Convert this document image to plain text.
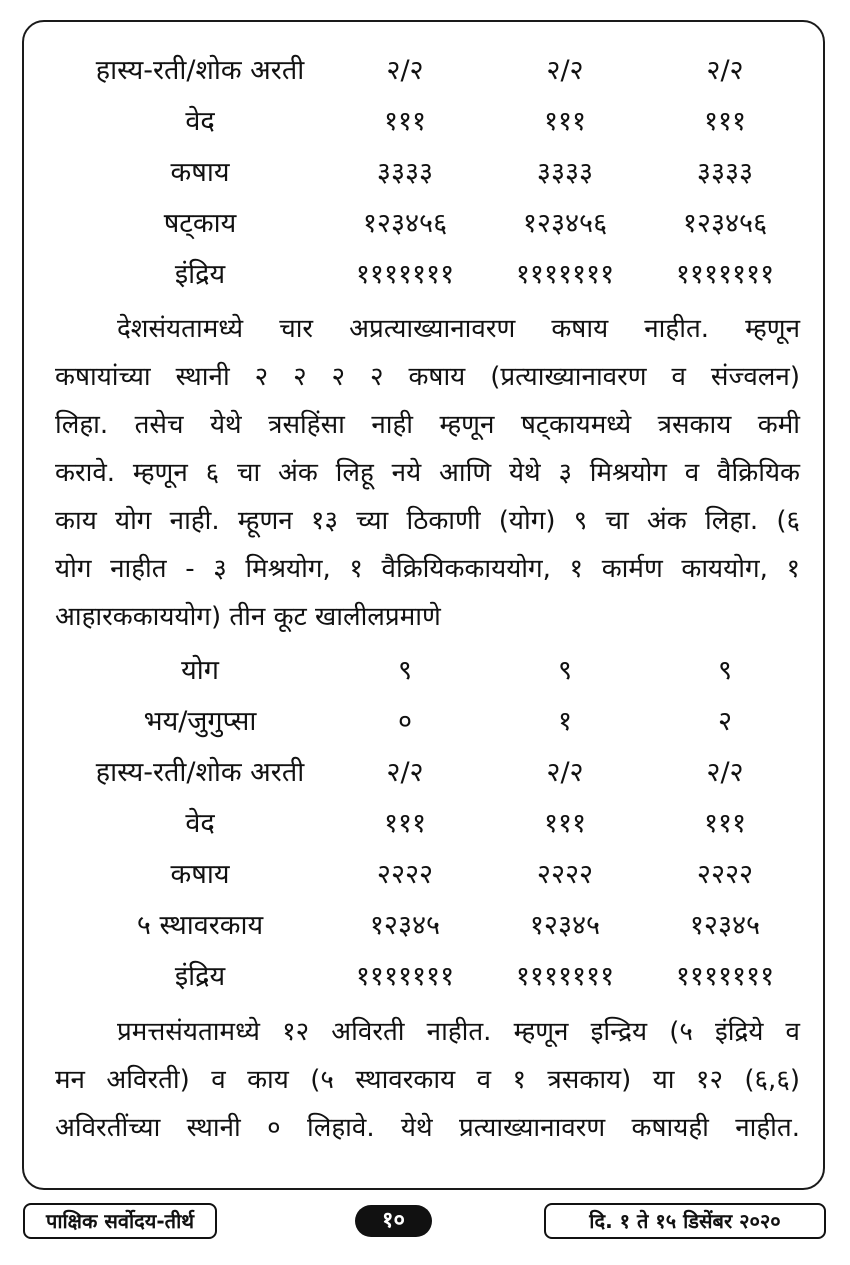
हास्य-रती/शोक अरती	२/२	२/२	२/२
वेद	१११	१११	१११
कषाय	३३३३	३३३३	३३३३
षट्काय	१२३४५६	१२३४५६	१२३४५६
इंद्रिय	१११११११	१११११११	१११११११
देशसंयतामध्ये चार अप्रत्याख्यानावरण कषाय नाहीत. म्हणून
कषायांच्या स्थानी २ २ २ २ कषाय (प्रत्याख्यानावरण व संज्वलन)
लिहा. तसेच येथे त्रसहिंसा नाही म्हणून षट्कायमध्ये त्रसकाय कमी
करावे. म्हणून ६ चा अंक लिहू नये आणि येथे ३ मिश्रयोग व वैक्रियिक
काय योग नाही. म्हूणन १३ च्या ठिकाणी (योग) ९ चा अंक लिहा. (६
योग नाहीत - ३ मिश्रयोग, १ वैक्रियिककाययोग, १ कार्मण काययोग, १
आहारककाययोग) तीन कूट खालीलप्रमाणे
योग	९	९	९
भय/जुगुप्सा	०	१	२
हास्य-रती/शोक अरती	२/२	२/२	२/२
वेद	१११	१११	१११
कषाय	२२२२	२२२२	२२२२
५ स्थावरकाय	१२३४५	१२३४५	१२३४५
इंद्रिय	१११११११	१११११११	१११११११
प्रमत्तसंयतामध्ये १२ अविरती नाहीत. म्हणून इन्द्रिय (५ इंद्रिये व
मन अविरती) व काय (५ स्थावरकाय व १ त्रसकाय) या १२ (६,६)
अविरतींच्या स्थानी ० लिहावे. येथे प्रत्याख्यानावरण कषायही नाहीत.
पाक्षिक सर्वोदय-तीर्थ	१०	दि. १ ते १५ डिसेंबर २०२०
